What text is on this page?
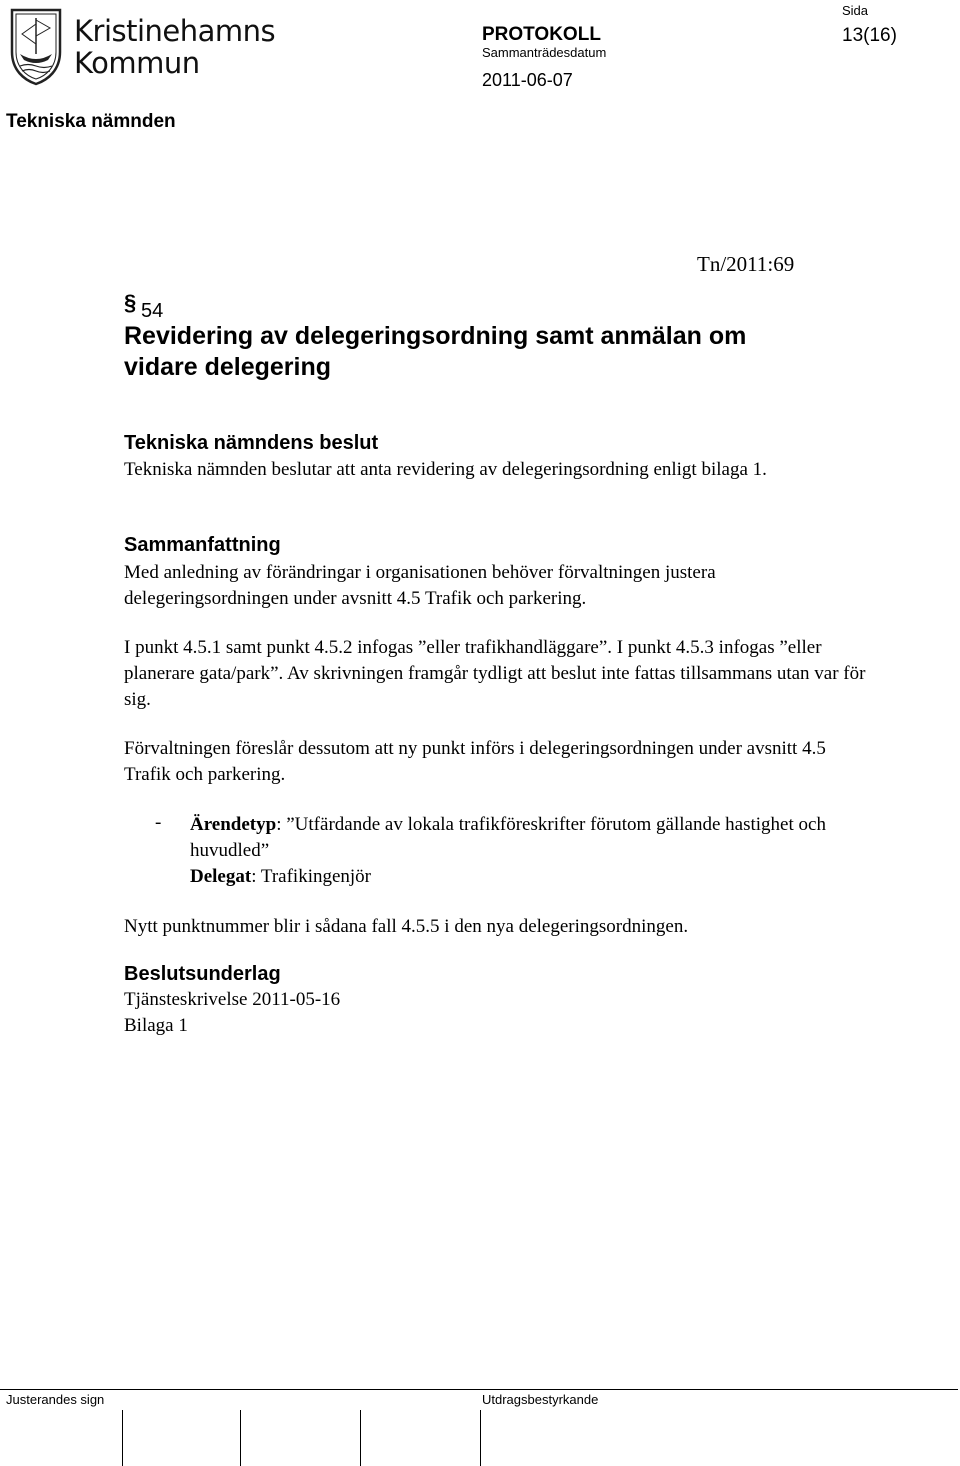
Kristinehamns
Kommun
PROTOKOLL
Sammanträdesdatum
2011-06-07
Sida
13(16)
Tekniska nämnden
Tn/2011:69
§ 54
Revidering av delegeringsordning samt anmälan om
vidare delegering
Tekniska nämndens beslut
Tekniska nämnden beslutar att anta revidering av delegeringsordning enligt bilaga 1.
Sammanfattning
Med anledning av förändringar i organisationen behöver förvaltningen justera delegeringsordningen under avsnitt 4.5 Trafik och parkering.
I punkt 4.5.1 samt punkt 4.5.2 infogas ”eller trafikhandläggare”. I punkt 4.5.3 infogas ”eller planerare gata/park”. Av skrivningen framgår tydligt att beslut inte fattas tillsammans utan var för sig.
Förvaltningen föreslår dessutom att ny punkt införs i delegeringsordningen under avsnitt 4.5 Trafik och parkering.
- Ärendetyp: ”Utfärdande av lokala trafikföreskrifter förutom gällande hastighet och huvudled”
Delegat: Trafikingenjör
Nytt punktnummer blir i sådana fall 4.5.5 i den nya delegeringsordningen.
Beslutsunderlag
Tjänsteskrivelse 2011-05-16
Bilaga 1
Justerandes sign	Utdragsbestyrkande
